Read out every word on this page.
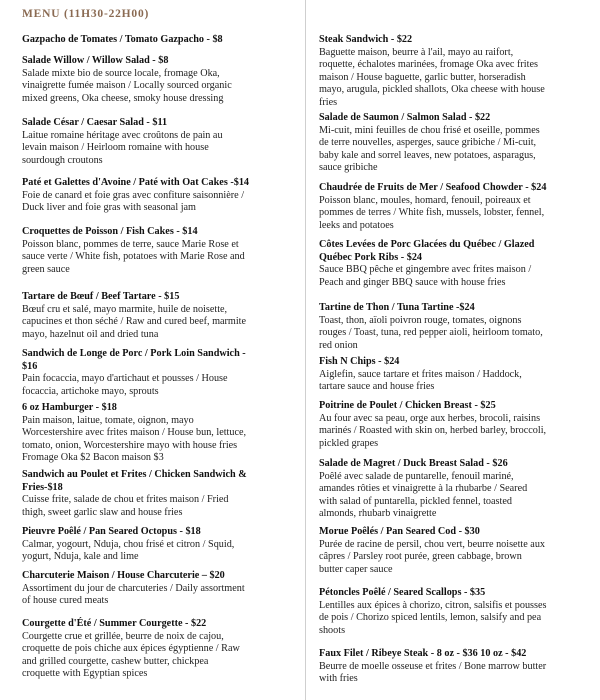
MENU (11H30-22H00)
Gazpacho de Tomates / Tomato Gazpacho - $8
Salade Willow / Willow Salad - $8
Salade mixte bio de source locale, fromage Oka,
vinaigrette fumée maison / Locally sourced organic
mixed greens, Oka cheese, smoky house dressing
Salade César / Caesar Salad - $11
Laitue romaine héritage avec croûtons de pain au
levain maison / Heirloom romaine with house
sourdough croutons
Paté et Galettes d'Avoine / Paté with Oat Cakes -$14
Foie de canard et foie gras avec confiture saisonnière /
Duck liver and foie gras with seasonal jam
Croquettes de Poisson / Fish Cakes - $14
Poisson blanc, pommes de terre, sauce Marie Rose et
sauce verte / White fish, potatoes with Marie Rose and
green sauce
Tartare de Bœuf / Beef Tartare - $15
Bœuf cru et salé, mayo marmite, huile de noisette,
capucines et thon séché / Raw and cured beef, marmite
mayo, hazelnut oil and dried tuna
Sandwich de Longe de Porc / Pork Loin Sandwich -
$16
Pain focaccia, mayo d'artichaut et pousses / House
focaccia, artichoke mayo, sprouts
6 oz Hamburger - $18
Pain maison, laitue, tomate, oignon, mayo
Worcestershire avec frites maison / House bun, lettuce,
tomato, onion, Worcestershire mayo with house fries
Fromage Oka $2 Bacon maison $3
Sandwich au Poulet et Frites / Chicken Sandwich &
Fries-$18
Cuisse frite, salade de chou et frites maison / Fried
thigh, sweet garlic slaw and house fries
Pieuvre Poêlé / Pan Seared Octopus - $18
Calmar, yogourt, Nduja, chou frisé et citron / Squid,
yogurt, Nduja, kale and lime
Charcuterie Maison / House Charcuterie – $20
Assortiment du jour de charcuteries / Daily assortment
of house cured meats
Courgette d'Été / Summer Courgette - $22
Courgette crue et grillée, beurre de noix de cajou,
croquette de pois chiche aux épices égyptienne / Raw
and grilled courgette, cashew butter, chickpea
croquette with Egyptian spices
Steak Sandwich - $22
Baguette maison, beurre à l'ail, mayo au raifort,
roquette, échalotes marinées, fromage Oka avec frites
maison / House baguette, garlic butter, horseradish
mayo, arugula, pickled shallots, Oka cheese with house
fries
Salade de Saumon / Salmon Salad - $22
Mi-cuit, mini feuilles de chou frisé et oseille, pommes
de terre nouvelles, asperges, sauce gribiche / Mi-cuit,
baby kale and sorrel leaves, new potatoes, asparagus,
sauce gribiche
Chaudrée de Fruits de Mer / Seafood Chowder - $24
Poisson blanc, moules, homard, fenouil, poireaux et
pommes de terres / White fish, mussels, lobster, fennel,
leeks and potatoes
Côtes Levées de Porc Glacées du Québec / Glazed
Québec Pork Ribs - $24
Sauce BBQ pêche et gingembre avec frites maison /
Peach and ginger BBQ sauce with house fries
Tartine de Thon / Tuna Tartine -$24
Toast, thon, aïoli poivron rouge, tomates, oignons
rouges / Toast, tuna, red pepper aioli, heirloom tomato,
red onion
Fish N Chips - $24
Aiglefin, sauce tartare et frites maison / Haddock,
tartare sauce and house fries
Poitrine de Poulet / Chicken Breast - $25
Au four avec sa peau, orge aux herbes, brocoli, raisins
marinés / Roasted with skin on, herbed barley, broccoli,
pickled grapes
Salade de Magret / Duck Breast Salad - $26
Poêlé avec salade de puntarelle, fenouil mariné,
amandes rôties et vinaigrette à la rhubarbe / Seared
with salad of puntarella, pickled fennel, toasted
almonds, rhubarb vinaigrette
Morue Poêlés / Pan Seared Cod - $30
Purée de racine de persil, chou vert, beurre noisette aux
câpres / Parsley root purée, green cabbage, brown
butter caper sauce
Pétoncles Poêlé / Seared Scallops - $35
Lentilles aux épices à chorizo, citron, salsifis et pousses
de pois / Chorizo spiced lentils, lemon, salsify and pea
shoots
Faux Filet / Ribeye Steak - 8 oz - $36 10 oz - $42
Beurre de moelle osseuse et frites / Bone marrow butter
with fries
